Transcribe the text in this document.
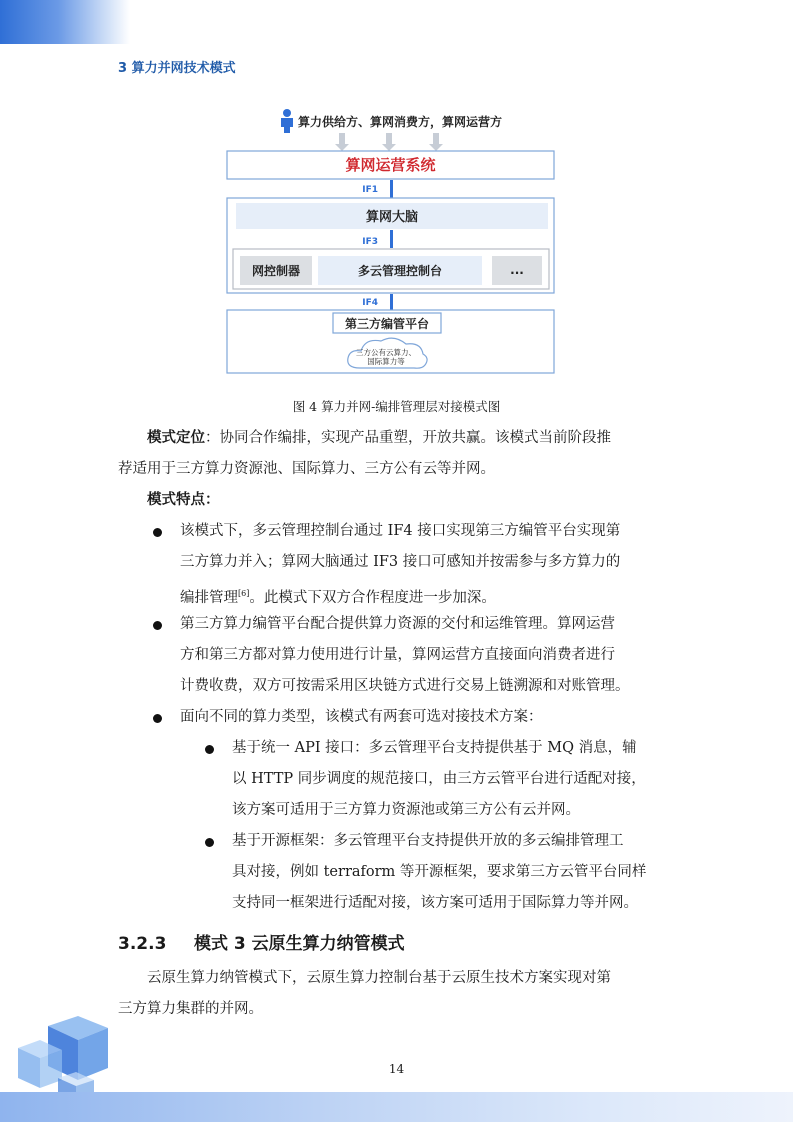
3 算力并网技术模式
算力供给方、算网消费方，算网运营方
算网运营系统
IF1
算网大脑
IF3
网控制器	多云管理控制台	...
IF4
第三方编管平台
三方公有云算力、
国际算力等
图 4 算力并网-编排管理层对接模式图

模式定位：协同合作编排，实现产品重塑，开放共赢。该模式当前阶段推

荐适用于三方算力资源池、国际算力、三方公有云等并网。

模式特点：

该模式下，多云管理控制台通过 IF4 接口实现第三方编管平台实现第
三方算力并入；算网大脑通过 IF3 接口可感知并按需参与多方算力的
编排管理[6]。此模式下双方合作程度进一步加深。
第三方算力编管平台配合提供算力资源的交付和运维管理。算网运营
方和第三方都对算力使用进行计量，算网运营方直接面向消费者进行
计费收费，双方可按需采用区块链方式进行交易上链溯源和对账管理。
面向不同的算力类型，该模式有两套可选对接技术方案：
基于统一 API 接口：多云管理平台支持提供基于 MQ 消息，辅
以 HTTP 同步调度的规范接口，由三方云管平台进行适配对接，
该方案可适用于三方算力资源池或第三方公有云并网。
基于开源框架：多云管理平台支持提供开放的多云编排管理工
具对接，例如 terraform 等开源框架，要求第三方云管平台同样
支持同一框架进行适配对接，该方案可适用于国际算力等并网。
3.2.3 模式 3 云原生算力纳管模式

云原生算力纳管模式下，云原生算力控制台基于云原生技术方案实现对第

三方算力集群的并网。

14
